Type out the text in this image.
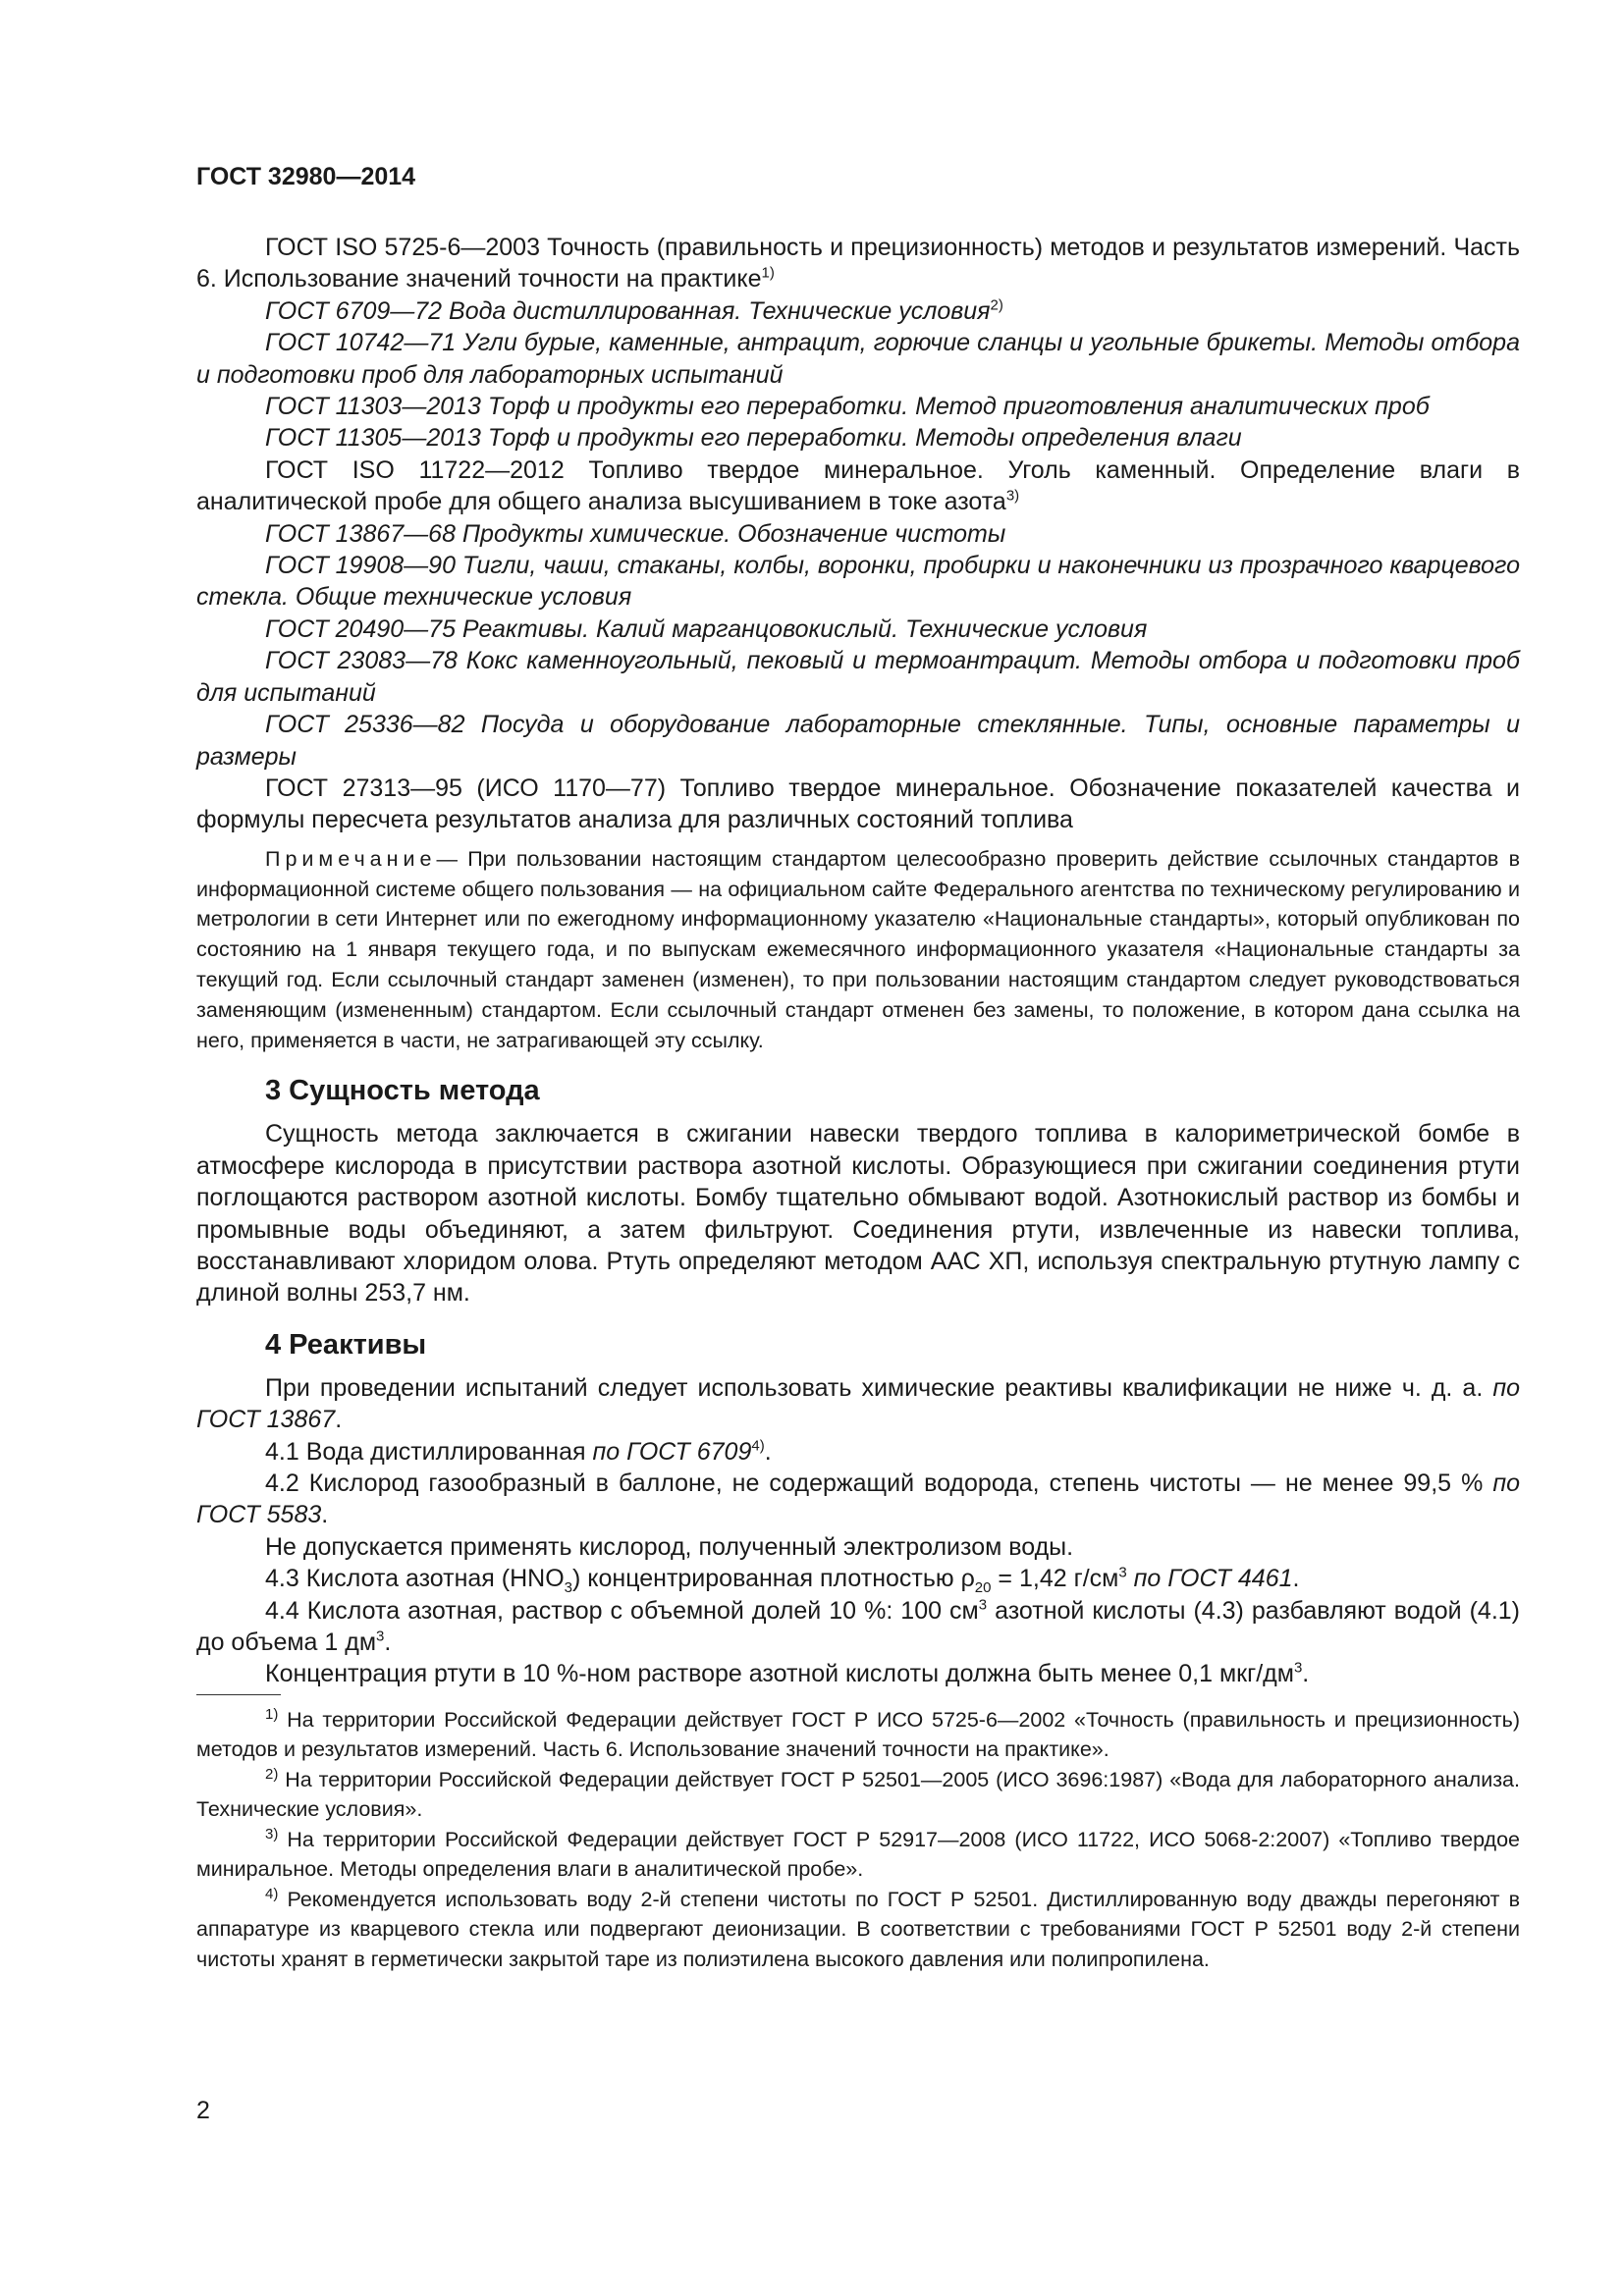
ГОСТ 32980—2014

ГОСТ ISO 5725-6—2003 Точность (правильность и прецизионность) методов и результатов измерений. Часть 6. Использование значений точности на практике$^{1)}$

ГОСТ 6709—72 Вода дистиллированная. Технические условия$^{2)}$

ГОСТ 10742—71 Угли бурые, каменные, антрацит, горючие сланцы и угольные брикеты. Методы отбора и подготовки проб для лабораторных испытаний

ГОСТ 11303—2013 Торф и продукты его переработки. Метод приготовления аналитических проб

ГОСТ 11305—2013 Торф и продукты его переработки. Методы определения влаги

ГОСТ ISO 11722—2012 Топливо твердое минеральное. Уголь каменный. Определение влаги в аналитической пробе для общего анализа высушиванием в токе азота$^{3)}$

ГОСТ 13867—68 Продукты химические. Обозначение чистоты

ГОСТ 19908—90 Тигли, чаши, стаканы, колбы, воронки, пробирки и наконечники из прозрачного кварцевого стекла. Общие технические условия

ГОСТ 20490—75 Реактивы. Калий марганцовокислый. Технические условия

ГОСТ 23083—78 Кокс каменноугольный, пековый и термоантрацит. Методы отбора и подготовки проб для испытаний

ГОСТ 25336—82 Посуда и оборудование лабораторные стеклянные. Типы, основные параметры и размеры

ГОСТ 27313—95 (ИСО 1170—77) Топливо твердое минеральное. Обозначение показателей качества и формулы пересчета результатов анализа для различных состояний топлива

Примечание— При пользовании настоящим стандартом целесообразно проверить действие ссылочных стандартов в информационной системе общего пользования — на официальном сайте Федерального агентства по техническому регулированию и метрологии в сети Интернет или по ежегодному информационному указателю «Национальные стандарты», который опубликован по состоянию на 1 января текущего года, и по выпускам ежемесячного информационного указателя «Национальные стандарты за текущий год. Если ссылочный стандарт заменен (изменен), то при пользовании настоящим стандартом следует руководствоваться заменяющим (измененным) стандартом. Если ссылочный стандарт отменен без замены, то положение, в котором дана ссылка на него, применяется в части, не затрагивающей эту ссылку.

3 Сущность метода

Сущность метода заключается в сжигании навески твердого топлива в калориметрической бомбе в атмосфере кислорода в присутствии раствора азотной кислоты. Образующиеся при сжигании соединения ртути поглощаются раствором азотной кислоты. Бомбу тщательно обмывают водой. Азотнокислый раствор из бомбы и промывные воды объединяют, а затем фильтруют. Соединения ртути, извлеченные из навески топлива, восстанавливают хлоридом олова. Ртуть определяют методом ААС ХП, используя спектральную ртутную лампу с длиной волны 253,7 нм.

4 Реактивы

При проведении испытаний следует использовать химические реактивы квалификации не ниже ч. д. а. по ГОСТ 13867.

4.1 Вода дистиллированная по ГОСТ 6709$^{4)}$.

4.2 Кислород газообразный в баллоне, не содержащий водорода, степень чистоты — не менее 99,5 % по ГОСТ 5583.

Не допускается применять кислород, полученный электролизом воды.

4.3 Кислота азотная $(HNO_3)$ концентрированная плотностью $\rho_{20} = 1,42$ $г/см^3$ по ГОСТ 4461.

4.4 Кислота азотная, раствор с объемной долей 10 %: 100 $см^3$ азотной кислоты (4.3) разбавляют водой (4.1) до объема 1 $дм^3$.

Концентрация ртути в 10 %-ном растворе азотной кислоты должна быть менее 0,1 мкг/$дм^3$.

$^{1)}$ На территории Российской Федерации действует ГОСТ Р ИСО 5725-6—2002 «Точность (правильность и прецизионность) методов и результатов измерений. Часть 6. Использование значений точности на практике».

$^{2)}$ На территории Российской Федерации действует ГОСТ Р 52501—2005 (ИСО 3696:1987) «Вода для лабораторного анализа. Технические условия».

$^{3)}$ На территории Российской Федерации действует ГОСТ Р 52917—2008 (ИСО 11722, ИСО 5068-2:2007) «Топливо твердое миниральное. Методы определения влаги в аналитической пробе».

$^{4)}$ Рекомендуется использовать воду 2-й степени чистоты по ГОСТ Р 52501. Дистиллированную воду дважды перегоняют в аппаратуре из кварцевого стекла или подвергают деионизации. В соответствии с требованиями ГОСТ Р 52501 воду 2-й степени чистоты хранят в герметически закрытой таре из полиэтилена высокого давления или полипропилена.

2
